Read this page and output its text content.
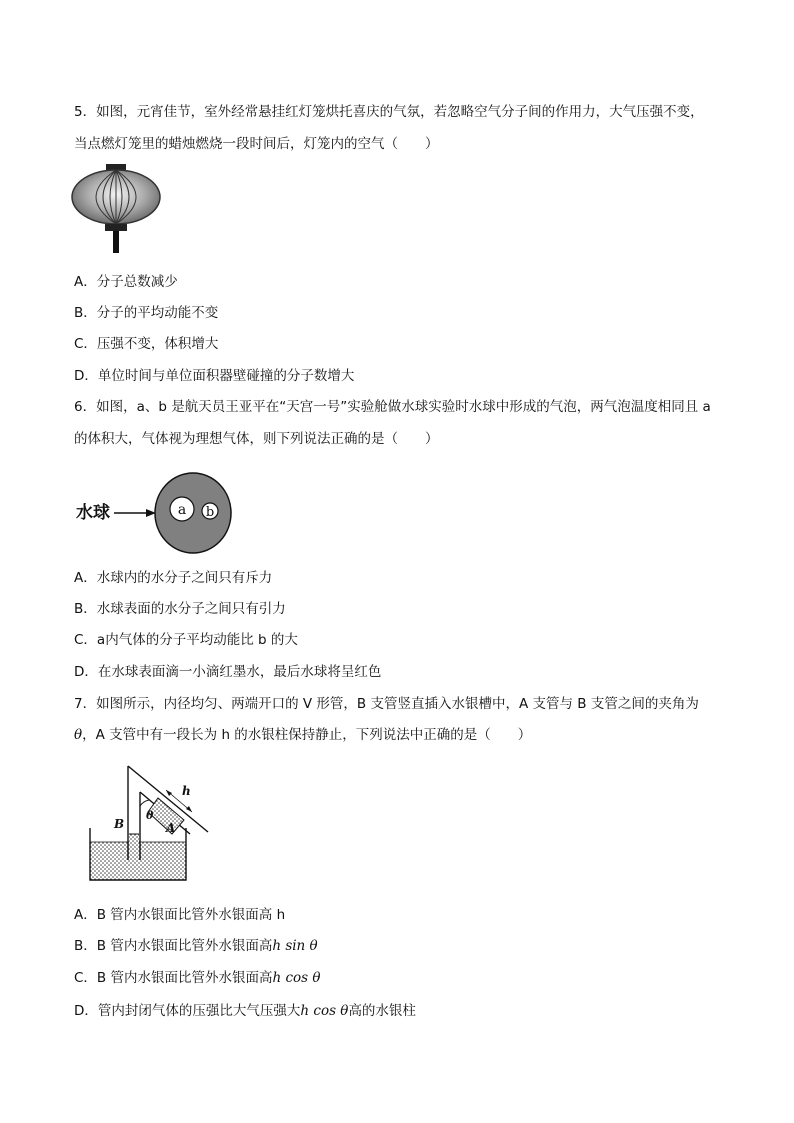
5．如图，元宵佳节，室外经常悬挂红灯笼烘托喜庆的气氛，若忽略空气分子间的作用力，大气压强不变，
当点燃灯笼里的蜡烛燃烧一段时间后，灯笼内的空气（　　）
A．分子总数减少
B．分子的平均动能不变
C．压强不变，体积增大
D．单位时间与单位面积器壁碰撞的分子数增大
6．如图，a、b 是航天员王亚平在“天宫一号”实验舱做水球实验时水球中形成的气泡，两气泡温度相同且 a
的体积大，气体视为理想气体，则下列说法正确的是（　　）
水球	a b
A．水球内的水分子之间只有斥力
B．水球表面的水分子之间只有引力
C．a内气体的分子平均动能比 b 的大
D．在水球表面滴一小滴红墨水，最后水球将呈红色
7．如图所示，内径均匀、两端开口的 V 形管，B 支管竖直插入水银槽中，A 支管与 B 支管之间的夹角为
θ，A 支管中有一段长为 h 的水银柱保持静止，下列说法中正确的是（　　）
h
θ
B	A
A．B 管内水银面比管外水银面高 h
B．B 管内水银面比管外水银面高h sin θ
C．B 管内水银面比管外水银面高h cos θ
D．管内封闭气体的压强比大气压强大h cos θ高的水银柱
